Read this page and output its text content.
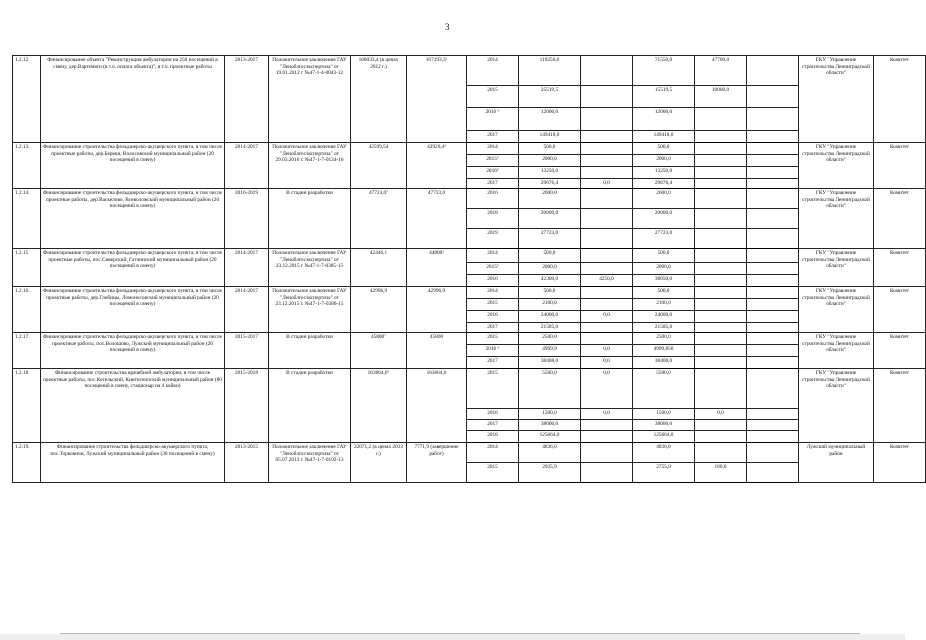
3
1.2.12	Финансирование объекта "Реконструкция амбулатории на 250 посещений в смену, дер.Вартемяги (в т.ч. оплата объекта)", в т.ч. проектные работы	2013-2017	Положительное заключение ГАУ "Леноблгосэкспертиза" от 19.01.2012 г №47-1-4-0043-12	168033,4 (в ценах 2012 г.)	167193,3²	2014	119250,0		71550,0	47700,0		ГКУ "Управление строительства Ленинградской области"	Комитет
						2015	25519,5		15519,5	10000,0			
						2016 ⁶	12000,0		12000,0				
						2017	149418,0		149418,0				
1.2.13.	Финансирование строительства фельдшерско-акушерского пункта, в том числе проектные работы, дер.Береки, Волосовский муниципальный район (20 посещений в смену)	2014-2017	Положительное заключение ГАУ "Леноблгосэкспертиза" от 29.03.2016 г. №47-1-7-0124-16	42599,54	42926,4³	2014	500,0		500,0			ГКУ "Управление строительства Ленинградской области"	Комитет
						2015⁵	2000,0		2000,0				
						2016⁶	13250,0		13250,0				
						2017	29676,4	0,0	29676,4				
1.2.14.	Финансирование строительства фельдшерско-акушерского пункта, в том числе проектные работы, дер.Васкелово, Всеволожский муниципальный район (20 посещений в смену)	2016-2019	В стадии разработки	47723,0⁷	47723,0	2016	2600,0		2600,0			ГКУ "Управление строительства Ленинградской области"	Комитет
						2018	20000,0		20000,0				
						2019	27723,0		27723,0				
1.2.15	Финансирование строительства фельдшерско-акушерского пункта, в том числе проектные работы, пос.Сиверский, Гатчинский муниципальный район (20 посещений в смену)	2014-2017	Положительное заключение ГАУ "Леноблгосэкспертиза" от 23.12.2015 г №47-1-7-0385-15	42446,1	44800²	2014	500,0		500,0			ГКУ "Управление строительства Ленинградской области"	Комитет
						2015⁵	2000,0		2000,0				
						2016	42300,0	4250,0	38050,0				
1.2.16.	Финансирование строительства фельдшерско-акушерского пункта, в том числе проектные работы, дер.Глобицы, Ломоносовский муниципальный район (20 посещений в смену)	2014-2017	Положительное заключение ГАУ "Леноблгосэкспертиза" от 23.12.2015 г. №47-1-7-0386-15	42996,9	42996,9	2014	500,0		500,0			ГКУ "Управление строительства Ленинградской области"	Комитет
						2015	2100,0		2100,0				
						2016	24000,0	0,0	24000,0				
						2017	21585,0		21585,0				
1.2.17.	Финансирование строительства фельдшерско-акушерского пункта, в том числе проектные работы, пос.Волошово, Лужский муниципальный район (20 посещений в смену)	2015-2017	В стадии разработки	45800⁷	45800	2015	2500,0		2500,0			ГКУ "Управление строительства Ленинградской области"	Комитет
						2016 ⁶	4999,9	0,0	4999,856				
						2017	38408,0	0,0	38408,0				
1.2.18.	Финансирование строительства врачебной амбулатории, в том числе проектные работы, пос.Котельский, Кингисеппский муниципальный район (80 посещений в смену, стационар на 4 койки)	2015-2018	В стадии разработки	163664,0⁷	163664,0	2015	5500,0	0,0	5500,0			ГКУ "Управление строительства Ленинградской области"	Комитет
						2016	1500,0	0,0	1500,0	0,0			
						2017	38000,0		38000,0				
						2018	125664,0		125664,0				
1.2.19.	Финансирование строительства фельдшерско-акушерского пункта, пос.Торковичи, Лужский муниципальный район (30 посещений в смену)	2013-2015	Положительное заключение ГАУ "Леноблгосэкспертиза" от 05.07.2013 г. №47-1-7-0192-13	22071,2 (в ценах 2013 г.)	7771,9 (завершение работ)	2014	4836,0		4836,0			Лужский муниципальный район	Комитет
						2015	2935,9		2755,9	180,0			
